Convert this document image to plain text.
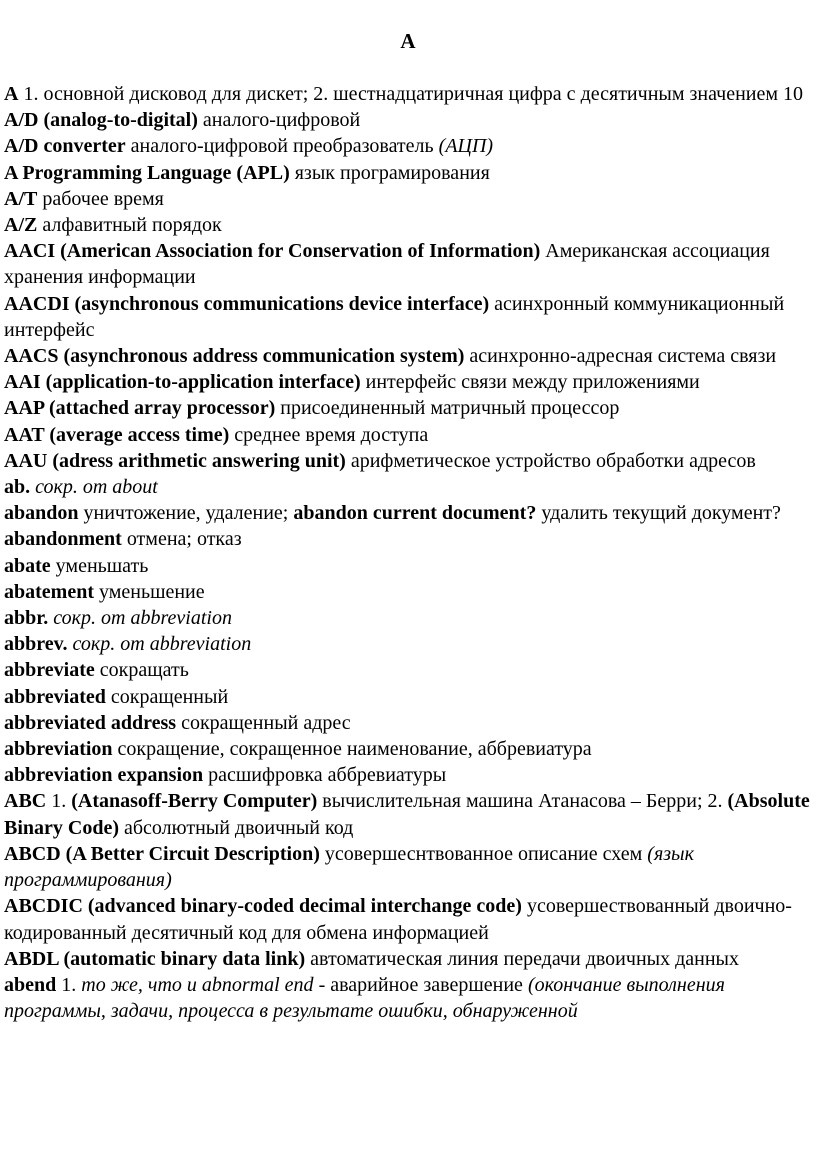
A

A 1. основной дисковод для дискет; 2. шестнадцатиричная цифра с десятичным значением 10

A/D (analog-to-digital) аналого-цифровой

A/D converter аналого-цифровой преобразователь (АЦП)

A Programming Language (APL) язык програмирования

A/T рабочее время

A/Z алфавитный порядок

AACI (American Association for Conservation of Information) Американская ассоциация хранения информации

AACDI (asynchronous communications device interface) асинхронный коммуникационный интерфейс

AACS (asynchronous address communication system) асинхронно-адресная система связи

AAI (application-to-application interface) интерфейс связи между приложениями

AAP (attached array processor) присоединенный матричный процессор

AAT (average access time) среднее время доступа

AAU (adress arithmetic answering unit) арифметическое устройство обработки адресов

ab. сокр. от about

abandon уничтожение, удаление; abandon current document? удалить текущий документ?

abandonment отмена; отказ

abate уменьшать

abatement уменьшение

abbr. сокр. от abbreviation

abbrev. сокр. от abbreviation

abbreviate сокращать

abbreviated сокращенный

abbreviated address сокращенный адрес

abbreviation сокращение, сокращенное наименование, аббревиатура

abbreviation expansion расшифровка аббревиатуры

ABC 1. (Atanasoff-Berry Computer) вычислительная машина Атанасова – Берри; 2. (Absolute Binary Code) абсолютный двоичный код

ABCD (A Better Circuit Description) усовершеснтвованное описание схем (язык программирования)

ABCDIC (advanced binary-coded decimal interchange code) усовершествованный двоично-кодированный десятичный код для обмена информацией

ABDL (automatic binary data link) автоматическая линия передачи двоичных данных

abend 1. то же, что и abnormal end - аварийное завершение (окончание выполнения программы, задачи, процесса в результате ошибки, обнаруженной
